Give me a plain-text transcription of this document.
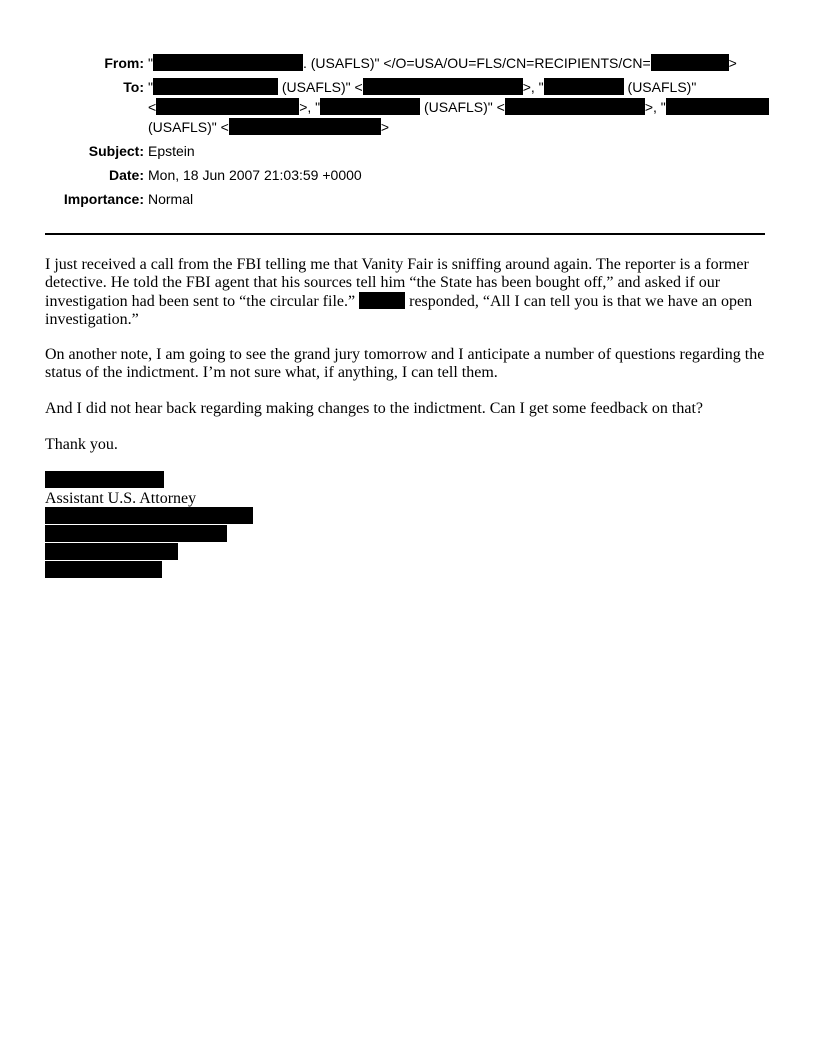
From: "	. (USAFLS)" </O=USA/OU=FLS/CN=RECIPIENTS/CN=	>
To: "	(USAFLS)" <	>, "	(USAFLS)"
<	>, "	(USAFLS)" <	>, "
(USAFLS)" <	>
Subject: Epstein
Date: Mon, 18 Jun 2007 21:03:59 +0000
Importance: Normal

I just received a call from the FBI telling me that Vanity Fair is sniffing around again. The reporter is a former detective. He told the FBI agent that his sources tell him “the State has been bought off,” and asked if our investigation had been sent to “the circular file.”	responded, “All I can tell you is that we have an open investigation.”

On another note, I am going to see the grand jury tomorrow and I anticipate a number of questions regarding the status of the indictment. I’m not sure what, if anything, I can tell them.

And I did not hear back regarding making changes to the indictment. Can I get some feedback on that?

Thank you.

Assistant U.S. Attorney
